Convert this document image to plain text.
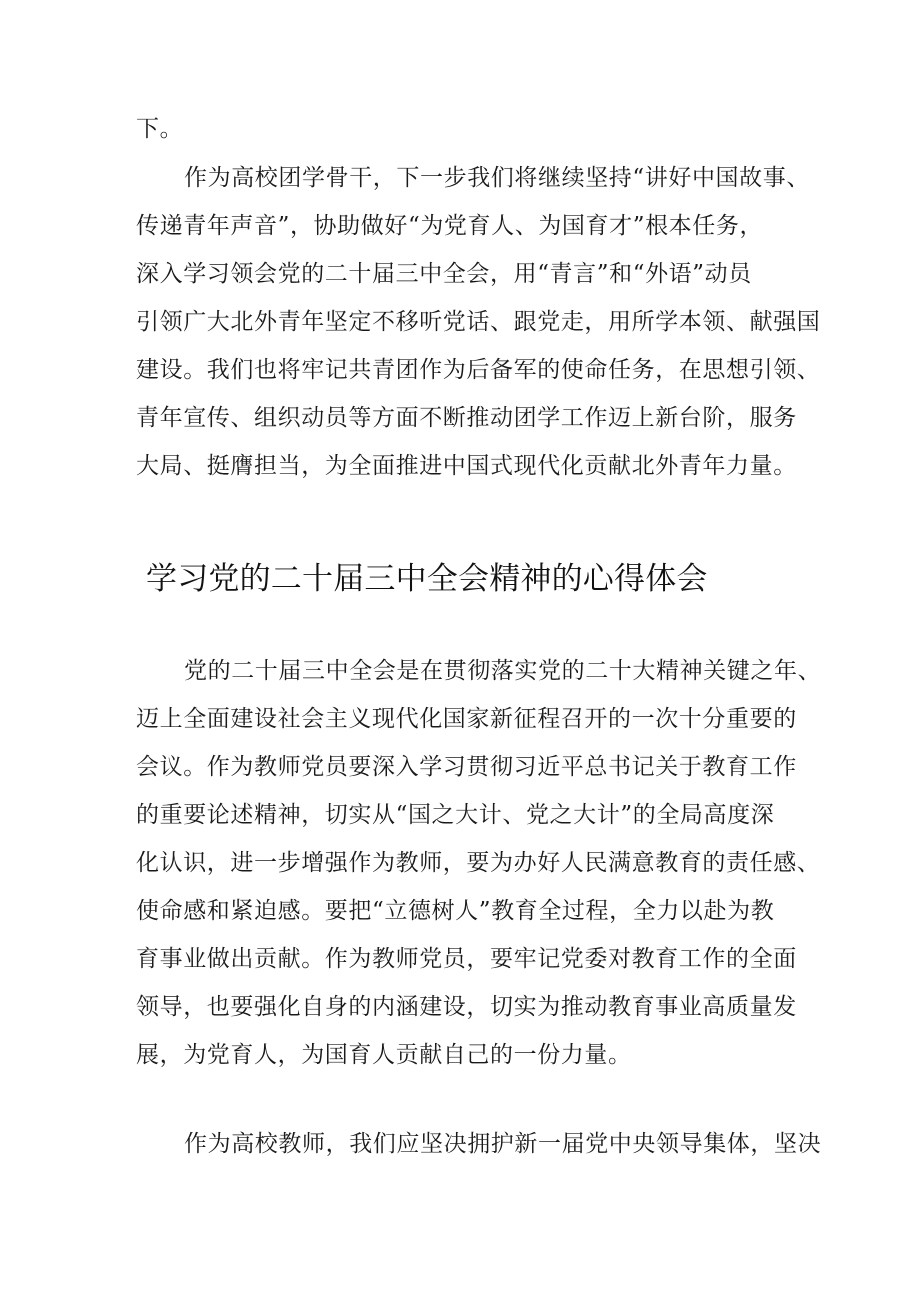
下。
作为高校团学骨干，下一步我们将继续坚持“讲好中国故事、
传递青年声音”，协助做好“为党育人、为国育才”根本任务，
深入学习领会党的二十届三中全会，用“青言”和“外语”动员
引领广大北外青年坚定不移听党话、跟党走，用所学本领、献强国
建设。我们也将牢记共青团作为后备军的使命任务，在思想引领、
青年宣传、组织动员等方面不断推动团学工作迈上新台阶，服务
大局、挺膺担当，为全面推进中国式现代化贡献北外青年力量。
学习党的二十届三中全会精神的心得体会
党的二十届三中全会是在贯彻落实党的二十大精神关键之年、
迈上全面建设社会主义现代化国家新征程召开的一次十分重要的
会议。作为教师党员要深入学习贯彻习近平总书记关于教育工作
的重要论述精神，切实从“国之大计、党之大计”的全局高度深
化认识，进一步增强作为教师，要为办好人民满意教育的责任感、
使命感和紧迫感。要把“立德树人”教育全过程，全力以赴为教
育事业做出贡献。作为教师党员，要牢记党委对教育工作的全面
领导，也要强化自身的内涵建设，切实为推动教育事业高质量发
展，为党育人，为国育人贡献自己的一份力量。
作为高校教师，我们应坚决拥护新一届党中央领导集体，坚决
